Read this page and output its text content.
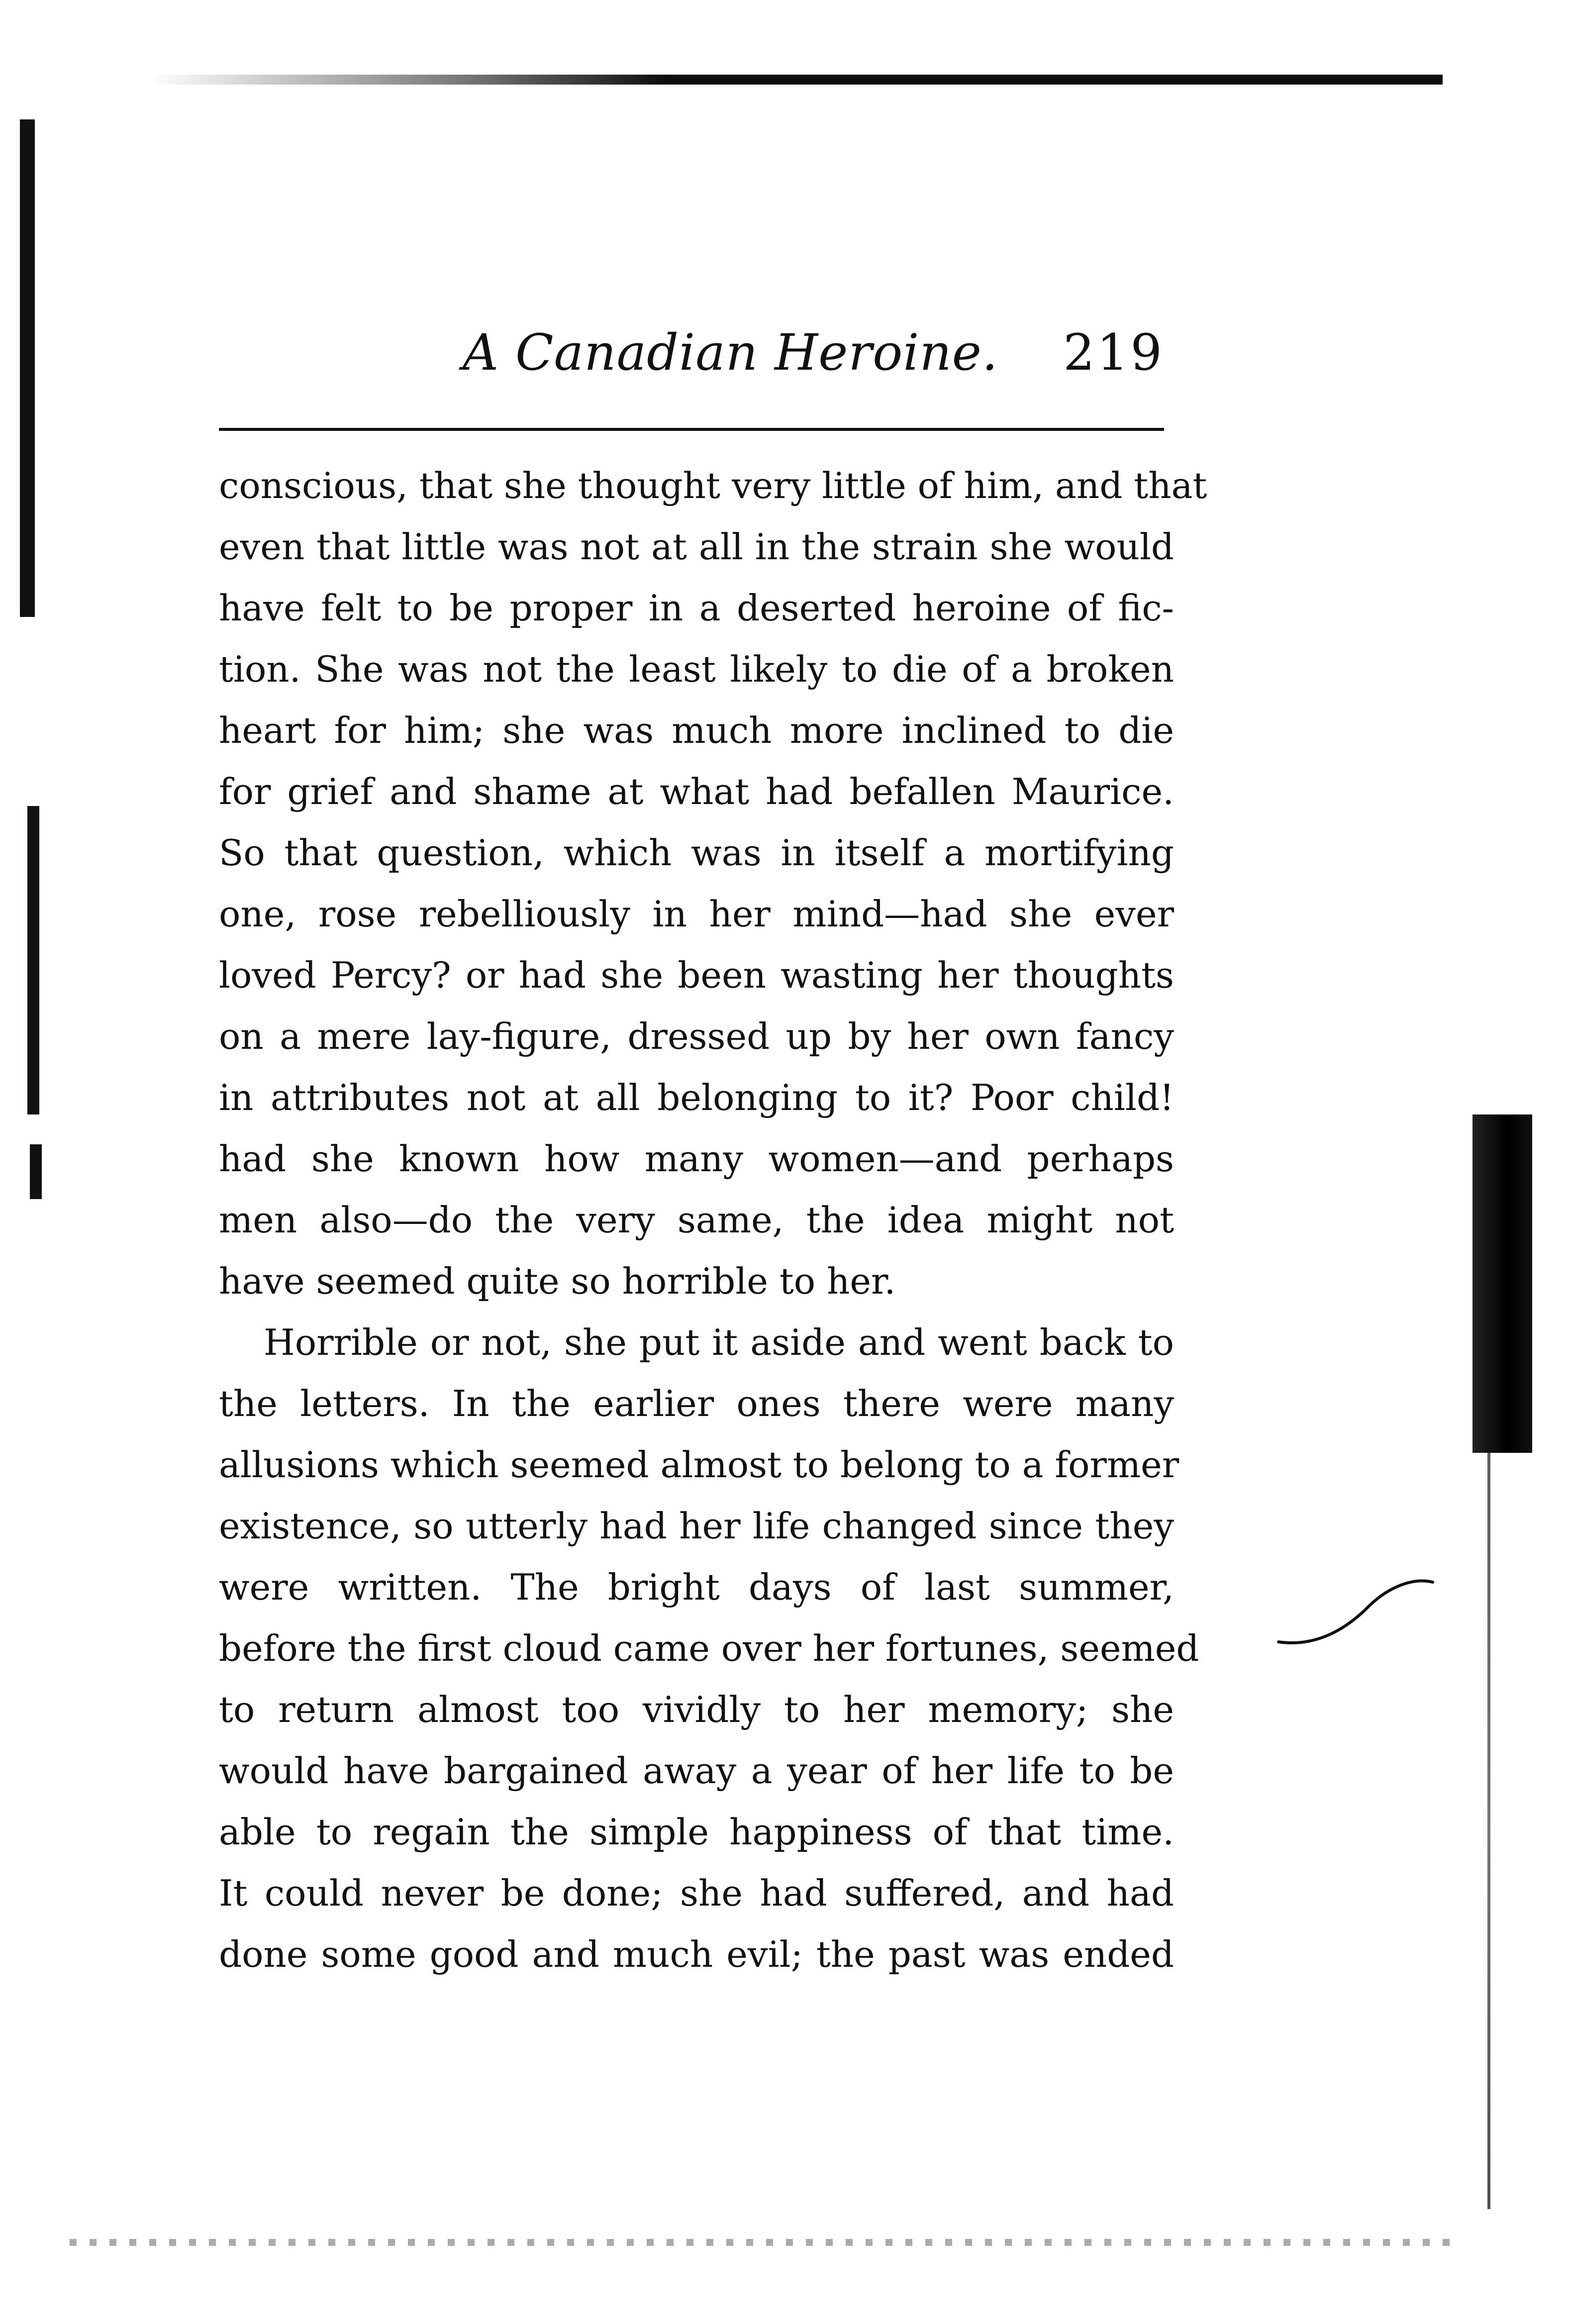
A Canadian Heroine. 219
conscious, that she thought very little of him, and that
even that little was not at all in the strain she would
have felt to be proper in a deserted heroine of fic-
tion. She was not the least likely to die of a broken
heart for him; she was much more inclined to die
for grief and shame at what had befallen Maurice.
So that question, which was in itself a mortifying
one, rose rebelliously in her mind—had she ever
loved Percy? or had she been wasting her thoughts
on a mere lay-figure, dressed up by her own fancy
in attributes not at all belonging to it? Poor child!
had she known how many women—and perhaps
men also—do the very same, the idea might not
have seemed quite so horrible to her.
Horrible or not, she put it aside and went back to
the letters. In the earlier ones there were many
allusions which seemed almost to belong to a former
existence, so utterly had her life changed since they
were written. The bright days of last summer,
before the first cloud came over her fortunes, seemed
to return almost too vividly to her memory; she
would have bargained away a year of her life to be
able to regain the simple happiness of that time.
It could never be done; she had suffered, and had
done some good and much evil; the past was ended
